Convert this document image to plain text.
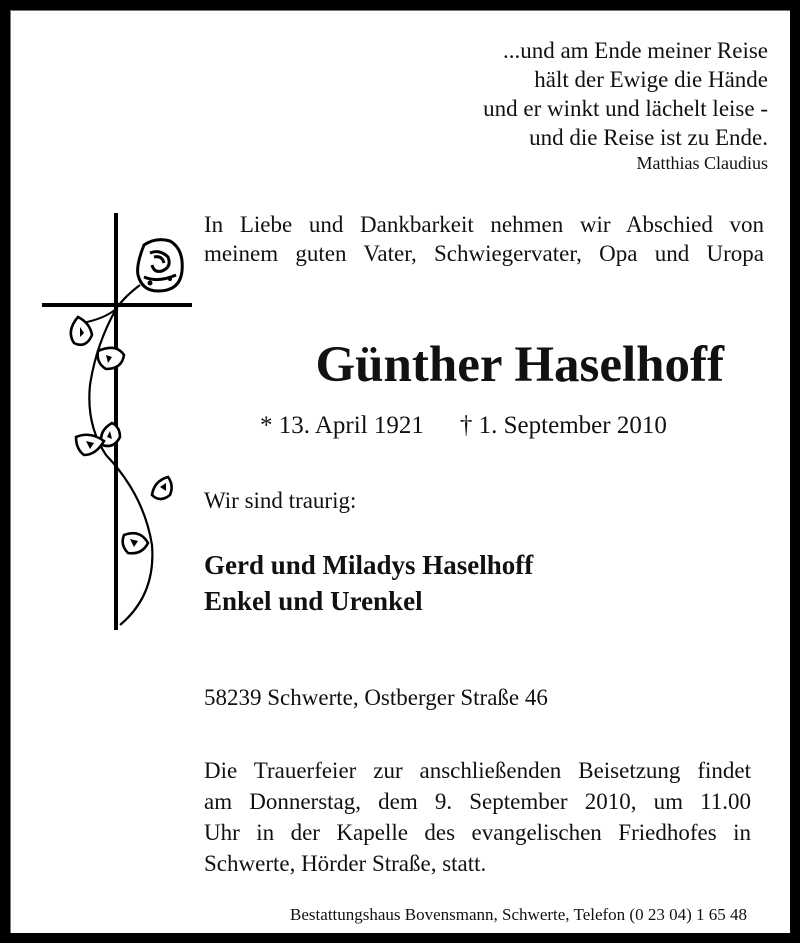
...und am Ende meiner Reise
hält der Ewige die Hände
und er winkt und lächelt leise -
und die Reise ist zu Ende.
Matthias Claudius
In Liebe und Dankbarkeit nehmen wir Abschied von
meinem guten Vater, Schwiegervater, Opa und Uropa
Günther Haselhoff
* 13. April 1921 † 1. September 2010
Wir sind traurig:
Gerd und Miladys Haselhoff
Enkel und Urenkel
58239 Schwerte, Ostberger Straße 46
Die Trauerfeier zur anschließenden Beisetzung findet
am Donnerstag, dem 9. September 2010, um 11.00
Uhr in der Kapelle des evangelischen Friedhofes in
Schwerte, Hörder Straße, statt.
Bestattungshaus Bovensmann, Schwerte, Telefon (0 23 04) 1 65 48
